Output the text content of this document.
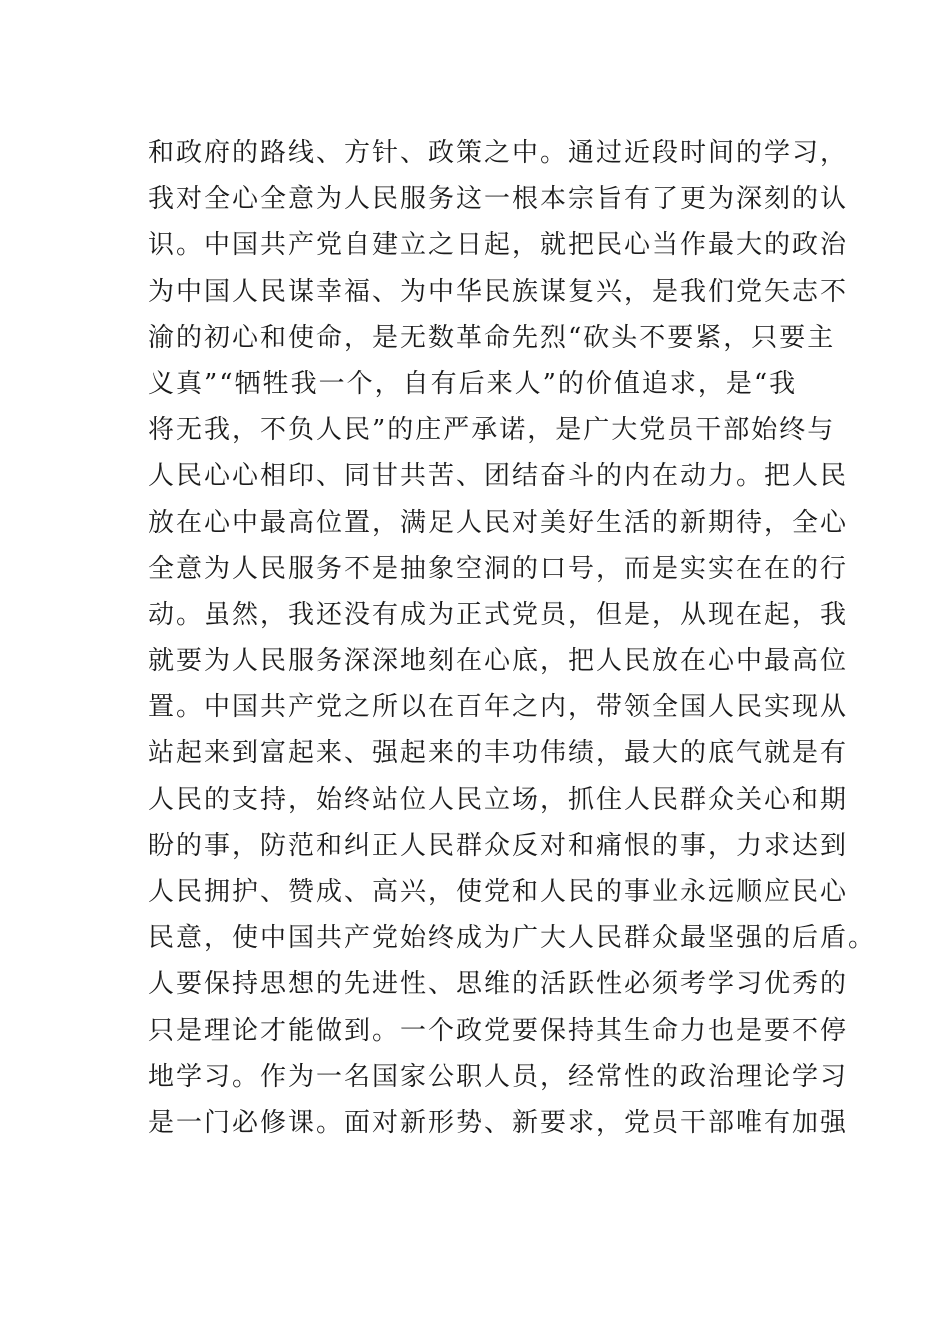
和政府的路线、方针、政策之中。通过近段时间的学习，
我对全心全意为人民服务这一根本宗旨有了更为深刻的认
识。中国共产党自建立之日起，就把民心当作最大的政治
为中国人民谋幸福、为中华民族谋复兴，是我们党矢志不
渝的初心和使命，是无数革命先烈“砍头不要紧，只要主
义真”“牺牲我一个，自有后来人”的价值追求，是“我
将无我，不负人民”的庄严承诺，是广大党员干部始终与
人民心心相印、同甘共苦、团结奋斗的内在动力。把人民
放在心中最高位置，满足人民对美好生活的新期待，全心
全意为人民服务不是抽象空洞的口号，而是实实在在的行
动。虽然，我还没有成为正式党员，但是，从现在起，我
就要为人民服务深深地刻在心底，把人民放在心中最高位
置。中国共产党之所以在百年之内，带领全国人民实现从
站起来到富起来、强起来的丰功伟绩，最大的底气就是有
人民的支持，始终站位人民立场，抓住人民群众关心和期
盼的事，防范和纠正人民群众反对和痛恨的事，力求达到
人民拥护、赞成、高兴，使党和人民的事业永远顺应民心
民意，使中国共产党始终成为广大人民群众最坚强的后盾。
人要保持思想的先进性、思维的活跃性必须考学习优秀的
只是理论才能做到。一个政党要保持其生命力也是要不停
地学习。作为一名国家公职人员，经常性的政治理论学习
是一门必修课。面对新形势、新要求，党员干部唯有加强
